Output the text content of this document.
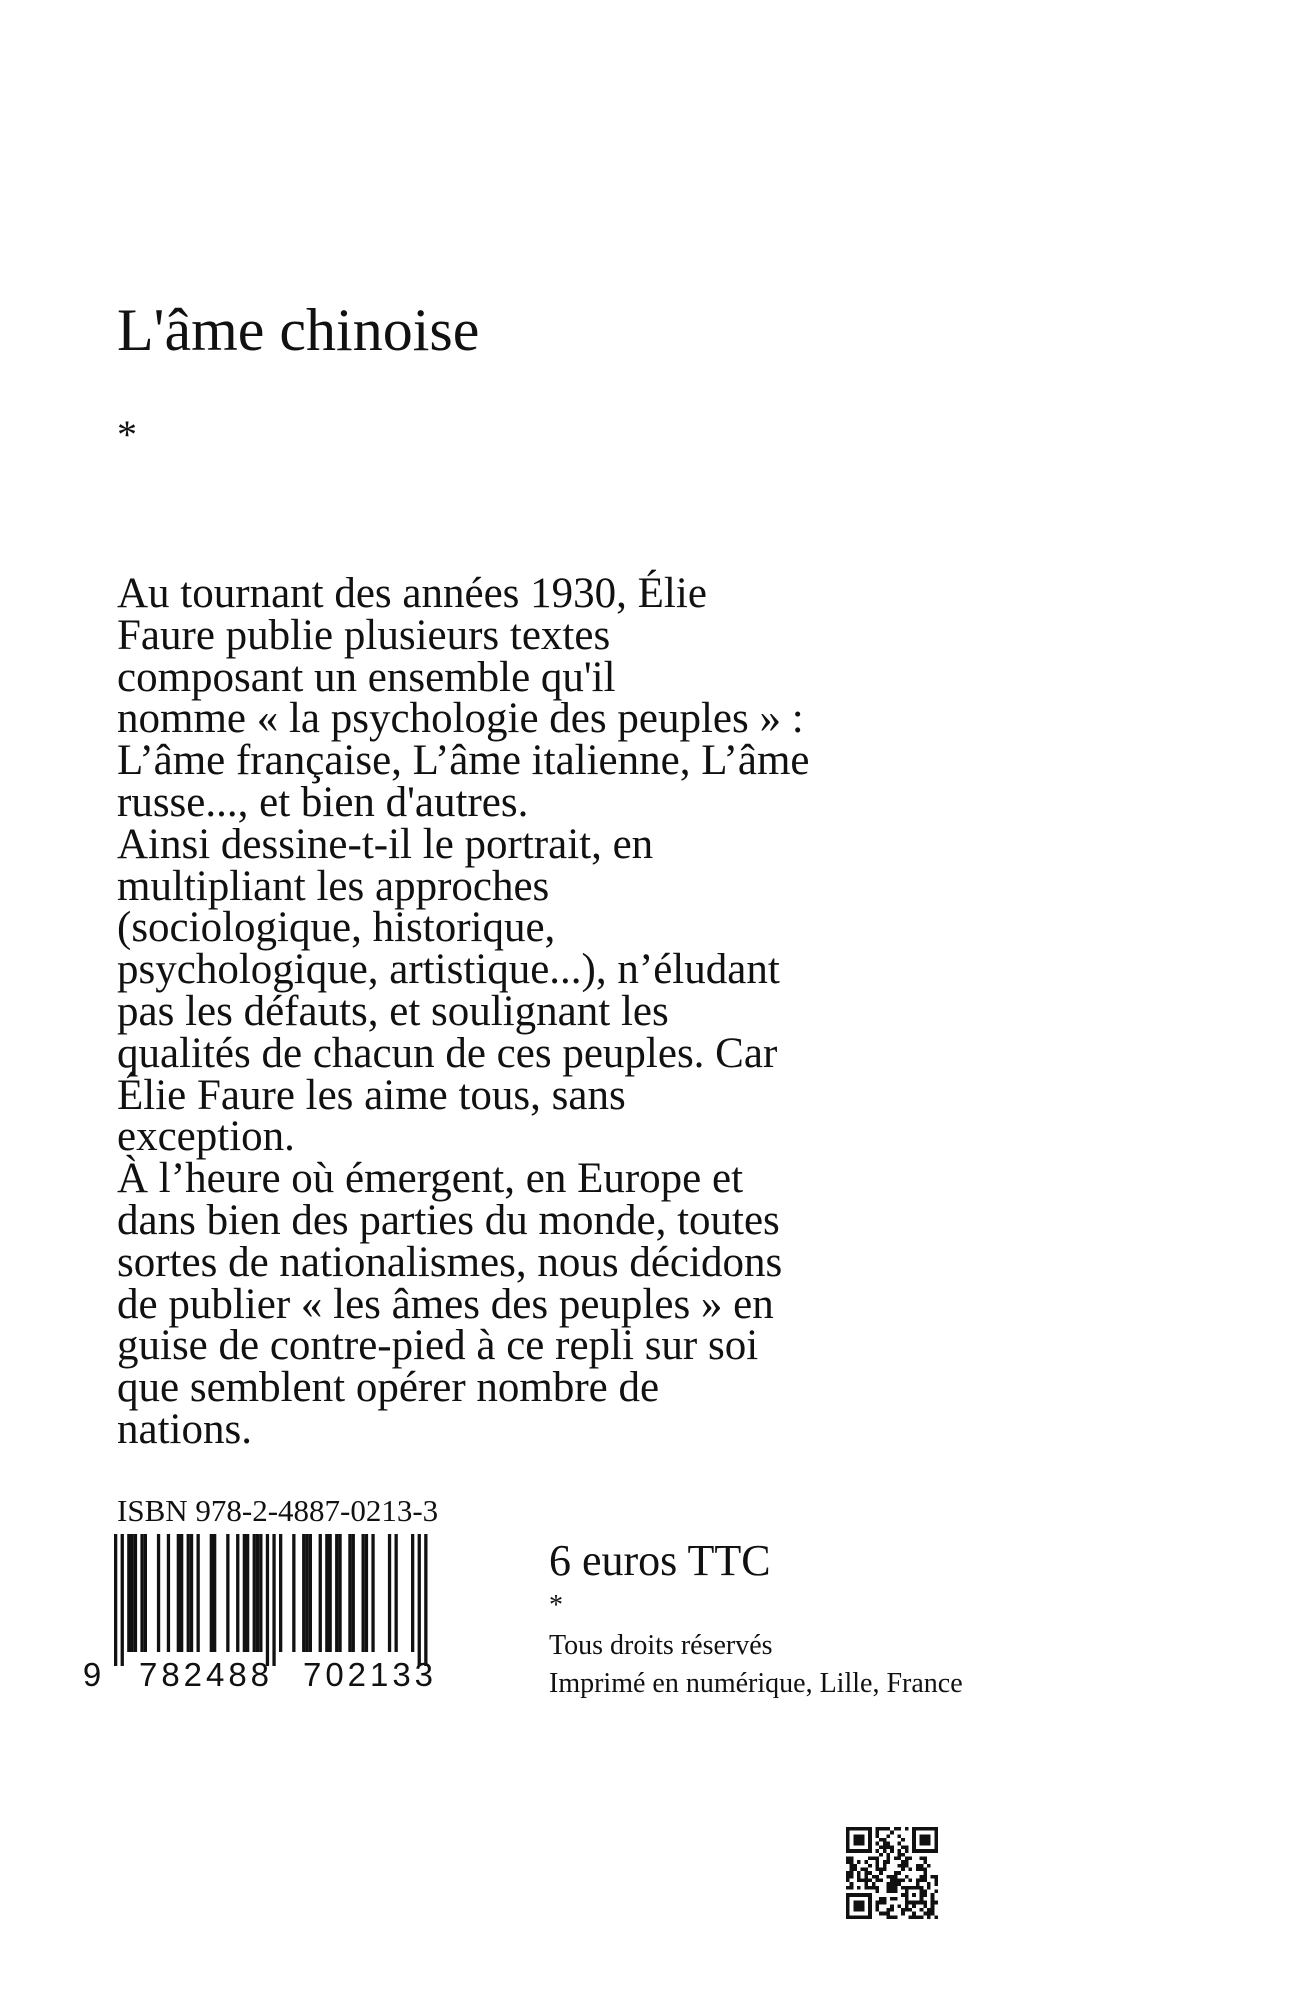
L'âme chinoise
*

Au tournant des années 1930, Élie

Faure publie plusieurs textes

composant un ensemble qu'il

nomme « la psychologie des peuples » :

L’âme française, L’âme italienne, L’âme

russe..., et bien d'autres.

Ainsi dessine-t-il le portrait, en

multipliant les approches

(sociologique, historique,

psychologique, artistique...), n’éludant

pas les défauts, et soulignant les

qualités de chacun de ces peuples. Car

Élie Faure les aime tous, sans

exception.

À l’heure où émergent, en Europe et

dans bien des parties du monde, toutes

sortes de nationalismes, nous décidons

de publier « les âmes des peuples » en

guise de contre-pied à ce repli sur soi

que semblent opérer nombre de

nations.

ISBN 978-2-4887-0213-3
9 782488 702133
6 euros TTC
*
Tous droits réservés
Imprimé en numérique, Lille, France
